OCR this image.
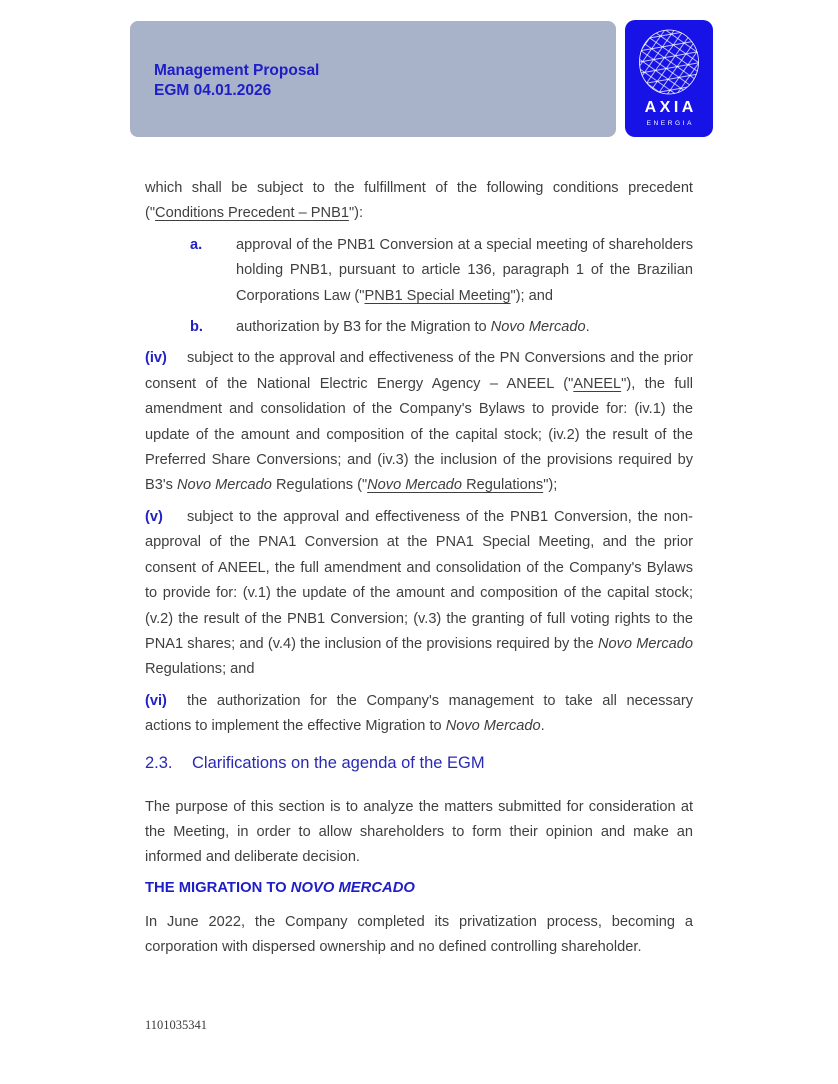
Management Proposal
EGM 04.01.2026
AXIA
ENERGIA

which shall be subject to the fulfillment of the following conditions precedent ("Conditions Precedent – PNB1"):

a. approval of the PNB1 Conversion at a special meeting of shareholders holding PNB1, pursuant to article 136, paragraph 1 of the Brazilian Corporations Law ("PNB1 Special Meeting"); and
b. authorization by B3 for the Migration to Novo Mercado.

(iv) subject to the approval and effectiveness of the PN Conversions and the prior consent of the National Electric Energy Agency – ANEEL ("ANEEL"), the full amendment and consolidation of the Company's Bylaws to provide for: (iv.1) the update of the amount and composition of the capital stock; (iv.2) the result of the Preferred Share Conversions; and (iv.3) the inclusion of the provisions required by B3's Novo Mercado Regulations ("Novo Mercado Regulations");

(v) subject to the approval and effectiveness of the PNB1 Conversion, the non-approval of the PNA1 Conversion at the PNA1 Special Meeting, and the prior consent of ANEEL, the full amendment and consolidation of the Company's Bylaws to provide for: (v.1) the update of the amount and composition of the capital stock; (v.2) the result of the PNB1 Conversion; (v.3) the granting of full voting rights to the PNA1 shares; and (v.4) the inclusion of the provisions required by the Novo Mercado Regulations; and

(vi) the authorization for the Company's management to take all necessary actions to implement the effective Migration to Novo Mercado.

2.3. Clarifications on the agenda of the EGM

The purpose of this section is to analyze the matters submitted for consideration at the Meeting, in order to allow shareholders to form their opinion and make an informed and deliberate decision.

THE MIGRATION TO NOVO MERCADO

In June 2022, the Company completed its privatization process, becoming a corporation with dispersed ownership and no defined controlling shareholder.

1101035341
